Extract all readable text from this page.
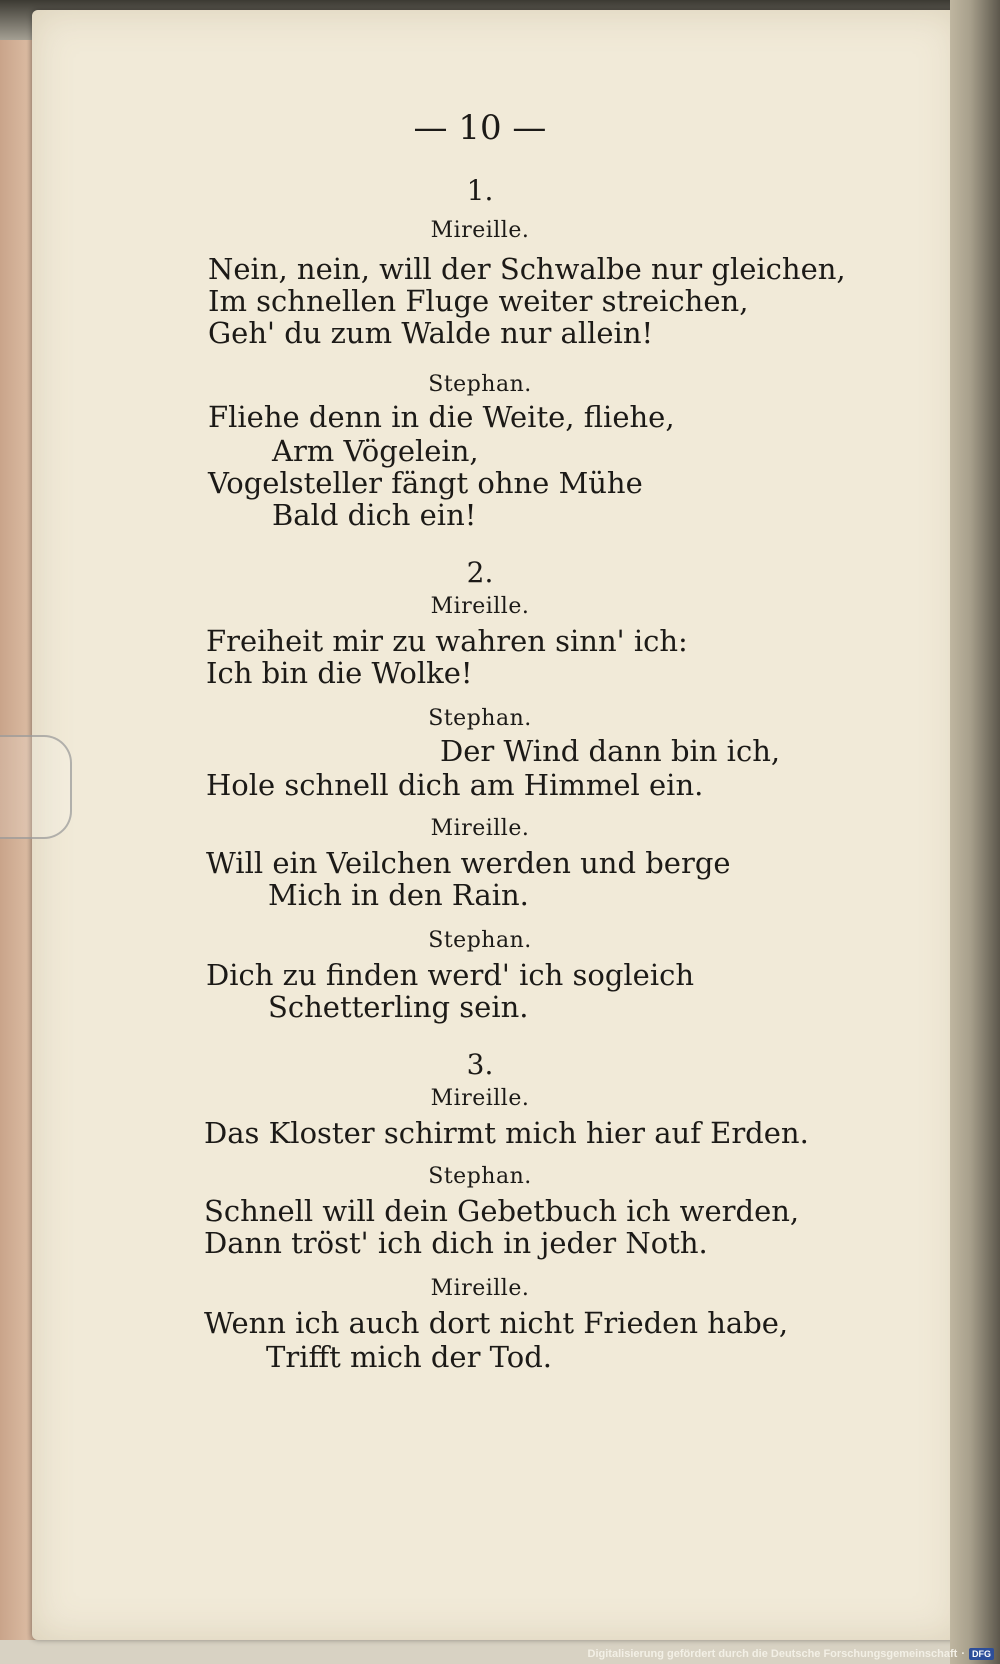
— 10 —
1.
Mireille.
Nein, nein, will der Schwalbe nur gleichen,
Im schnellen Fluge weiter streichen,
Geh' du zum Walde nur allein!
Stephan.
Fliehe denn in die Weite, fliehe,
Arm Vögelein,
Vogelsteller fängt ohne Mühe
Bald dich ein!
2.
Mireille.
Freiheit mir zu wahren sinn' ich:
Ich bin die Wolke!
Stephan.
Der Wind dann bin ich,
Hole schnell dich am Himmel ein.
Mireille.
Will ein Veilchen werden und berge
Mich in den Rain.
Stephan.
Dich zu finden werd' ich sogleich
Schetterling sein.
3.
Mireille.
Das Kloster schirmt mich hier auf Erden.
Stephan.
Schnell will dein Gebetbuch ich werden,
Dann tröst' ich dich in jeder Noth.
Mireille.
Wenn ich auch dort nicht Frieden habe,
Trifft mich der Tod.
Digitalisierung gefördert durch die Deutsche Forschungsgemeinschaft · DFG
